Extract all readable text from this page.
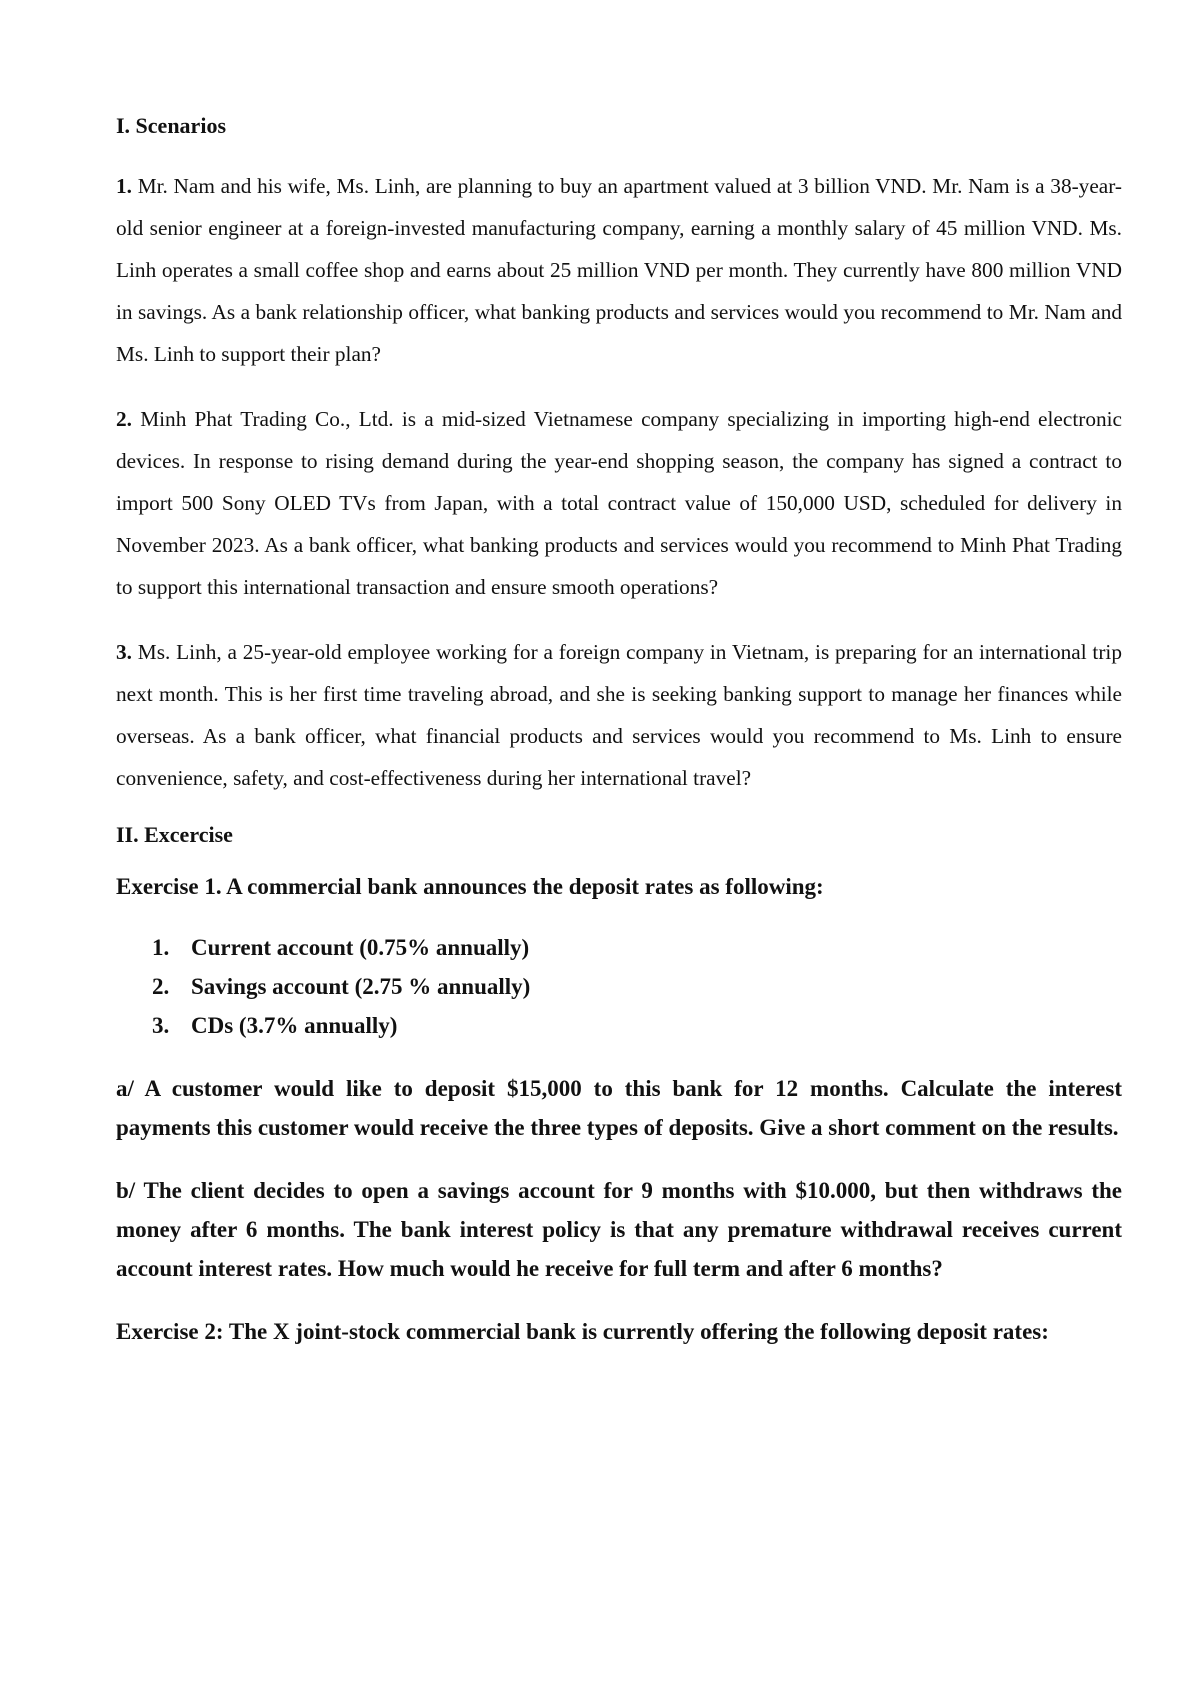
I. Scenarios

1. Mr. Nam and his wife, Ms. Linh, are planning to buy an apartment valued at 3 billion VND. Mr. Nam is a 38-year-old senior engineer at a foreign-invested manufacturing company, earning a monthly salary of 45 million VND. Ms. Linh operates a small coffee shop and earns about 25 million VND per month. They currently have 800 million VND in savings. As a bank relationship officer, what banking products and services would you recommend to Mr. Nam and Ms. Linh to support their plan?

2. Minh Phat Trading Co., Ltd. is a mid-sized Vietnamese company specializing in importing high-end electronic devices. In response to rising demand during the year-end shopping season, the company has signed a contract to import 500 Sony OLED TVs from Japan, with a total contract value of 150,000 USD, scheduled for delivery in November 2023. As a bank officer, what banking products and services would you recommend to Minh Phat Trading to support this international transaction and ensure smooth operations?

3. Ms. Linh, a 25-year-old employee working for a foreign company in Vietnam, is preparing for an international trip next month. This is her first time traveling abroad, and she is seeking banking support to manage her finances while overseas. As a bank officer, what financial products and services would you recommend to Ms. Linh to ensure convenience, safety, and cost-effectiveness during her international travel?

II. Excercise

Exercise 1. A commercial bank announces the deposit rates as following:

1. Current account (0.75% annually)
2. Savings account (2.75 % annually)
3. CDs (3.7% annually)

a/ A customer would like to deposit $15,000 to this bank for 12 months. Calculate the interest payments this customer would receive the three types of deposits. Give a short comment on the results.

b/ The client decides to open a savings account for 9 months with $10.000, but then withdraws the money after 6 months. The bank interest policy is that any premature withdrawal receives current account interest rates. How much would he receive for full term and after 6 months?

Exercise 2: The X joint-stock commercial bank is currently offering the following deposit rates:
